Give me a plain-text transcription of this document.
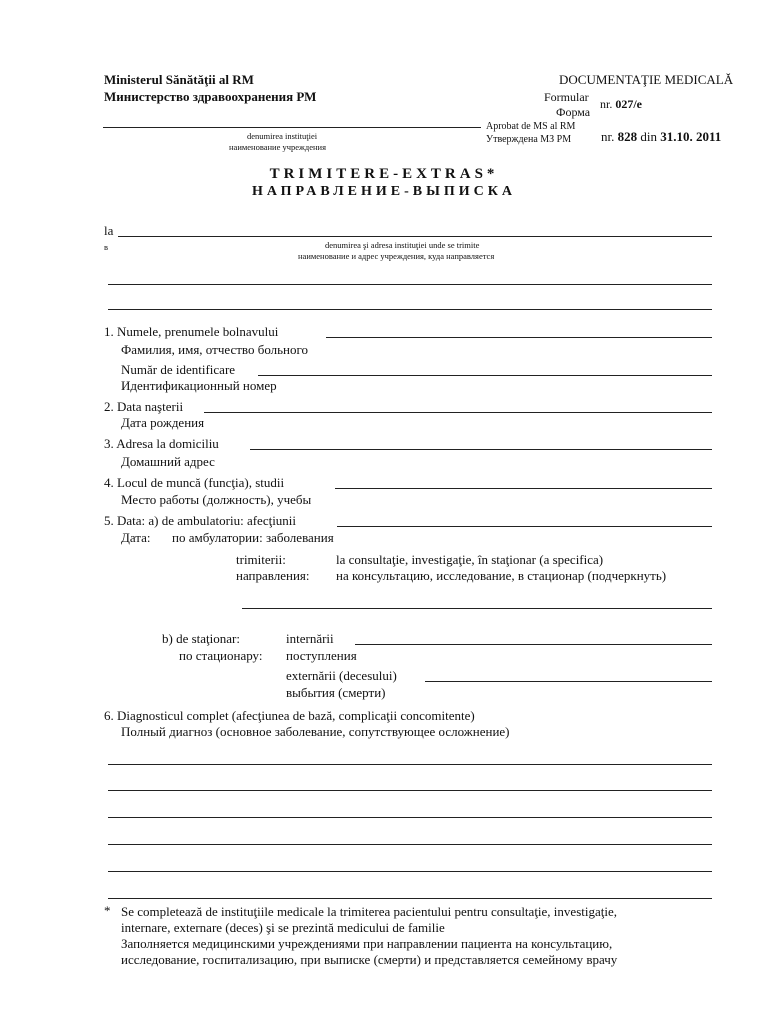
Ministerul Sănătăţii al RM
Министерство здравоохранения РМ
DOCUMENTAŢIE MEDICALĂ
Formular
Форма
nr. 027/e
denumirea instituţiei
наименование учреждения
Aprobat de MS al RM
Утверждена МЗ РМ nr. 828 din 31.10. 2011
TRIMITERE-EXTRAS*
НАПРАВЛЕНИЕ-ВЫПИСКА
la
в	denumirea şi adresa instituţiei unde se trimite
наименование и адрес учреждения, куда направляется
1. Numele, prenumele bolnavului
Фамилия, имя, отчество больного
Număr de identificare
Идентификационный номер
2. Data naşterii
Дата рождения
3. Adresa la domiciliu
Домашний адрес
4. Locul de muncă (funcţia), studii
Место работы (должность), учебы
5. Data: a) de ambulatoriu: afecţiunii
Дата: по амбулатории: заболевания
trimiterii:	la consultaţie, investigaţie, în staţionar (a specifica)
направления: на консультацию, исследование, в стационар (подчеркнуть)
b) de staţionar:	internării
по стационару: поступления
externării (decesului)
выбытия (смерти)
6. Diagnosticul complet (afecţiunea de bază, complicaţii concomitente)
Полный диагноз (основное заболевание, сопутствующее осложнение)
* Se completează de instituţiile medicale la trimiterea pacientului pentru consultaţie, investigaţie,
internare, externare (deces) şi se prezintă medicului de familie
Заполняется медицинскими учреждениями при направлении пациента на консультацию,
исследование, госпитализацию, при выписке (смерти) и представляется семейному врачу
